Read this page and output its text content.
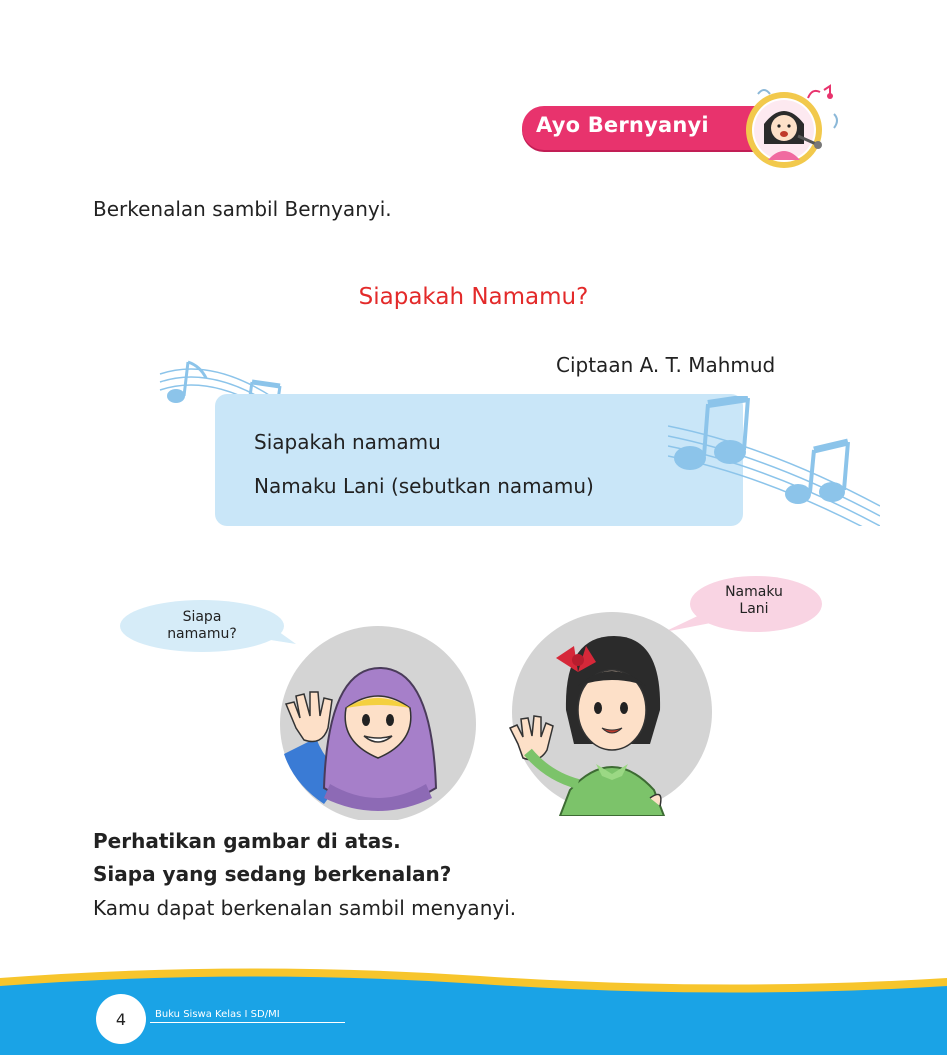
Ayo Bernyanyi
Berkenalan sambil Bernyanyi.
Siapakah Namamu?
Ciptaan A. T. Mahmud
Siapakah namamu
Namaku Lani (sebutkan namamu)
Siapa
namamu?
Namaku
Lani
Perhatikan gambar di atas.
Siapa yang sedang berkenalan?
Kamu dapat berkenalan sambil menyanyi.
4	Buku Siswa Kelas I SD/MI
